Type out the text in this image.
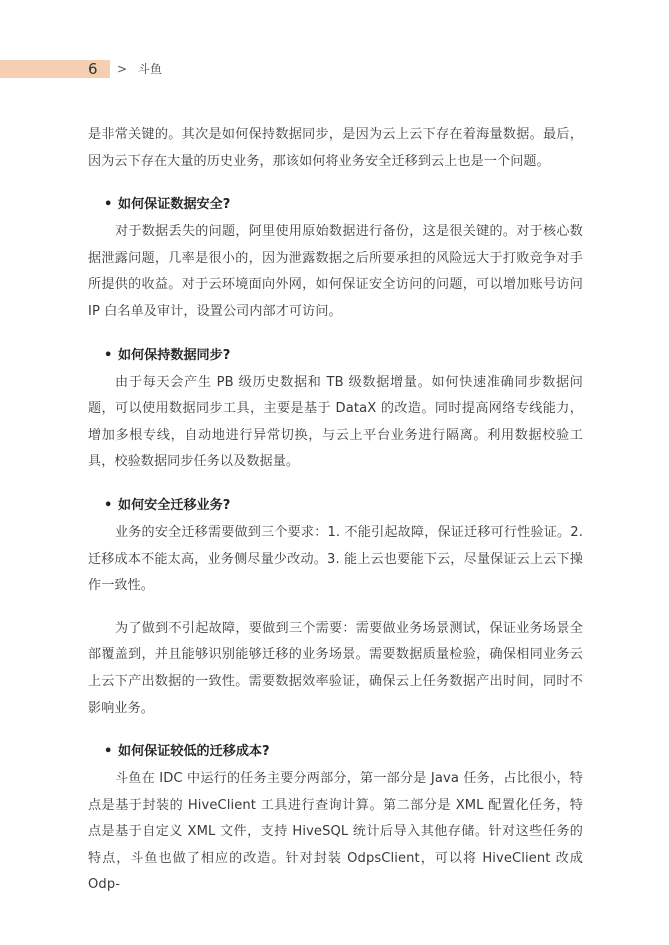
6 > 斗鱼

是非常关键的。其次是如何保持数据同步，是因为云上云下存在着海量数据。最后，因为云下存在大量的历史业务，那该如何将业务安全迁移到云上也是一个问题。

• 如何保证数据安全?

对于数据丢失的问题，阿里使用原始数据进行备份，这是很关键的。对于核心数据泄露问题，几率是很小的，因为泄露数据之后所要承担的风险远大于打败竞争对手所提供的收益。对于云环境面向外网，如何保证安全访问的问题，可以增加账号访问 IP 白名单及审计，设置公司内部才可访问。

• 如何保持数据同步?

由于每天会产生 PB 级历史数据和 TB 级数据增量。如何快速准确同步数据问题，可以使用数据同步工具，主要是基于 DataX 的改造。同时提高网络专线能力，增加多根专线，自动地进行异常切换，与云上平台业务进行隔离。利用数据校验工具，校验数据同步任务以及数据量。

• 如何安全迁移业务?

业务的安全迁移需要做到三个要求：1. 不能引起故障，保证迁移可行性验证。2. 迁移成本不能太高，业务侧尽量少改动。3. 能上云也要能下云，尽量保证云上云下操作一致性。

为了做到不引起故障，要做到三个需要：需要做业务场景测试，保证业务场景全部覆盖到，并且能够识别能够迁移的业务场景。需要数据质量检验，确保相同业务云上云下产出数据的一致性。需要数据效率验证，确保云上任务数据产出时间，同时不影响业务。

• 如何保证较低的迁移成本?

斗鱼在 IDC 中运行的任务主要分两部分，第一部分是 Java 任务，占比很小，特点是基于封装的 HiveClient 工具进行查询计算。第二部分是 XML 配置化任务，特点是基于自定义 XML 文件，支持 HiveSQL 统计后导入其他存储。针对这些任务的特点，斗鱼也做了相应的改造。针对封装 OdpsClient，可以将 HiveClient 改成 Odp-
